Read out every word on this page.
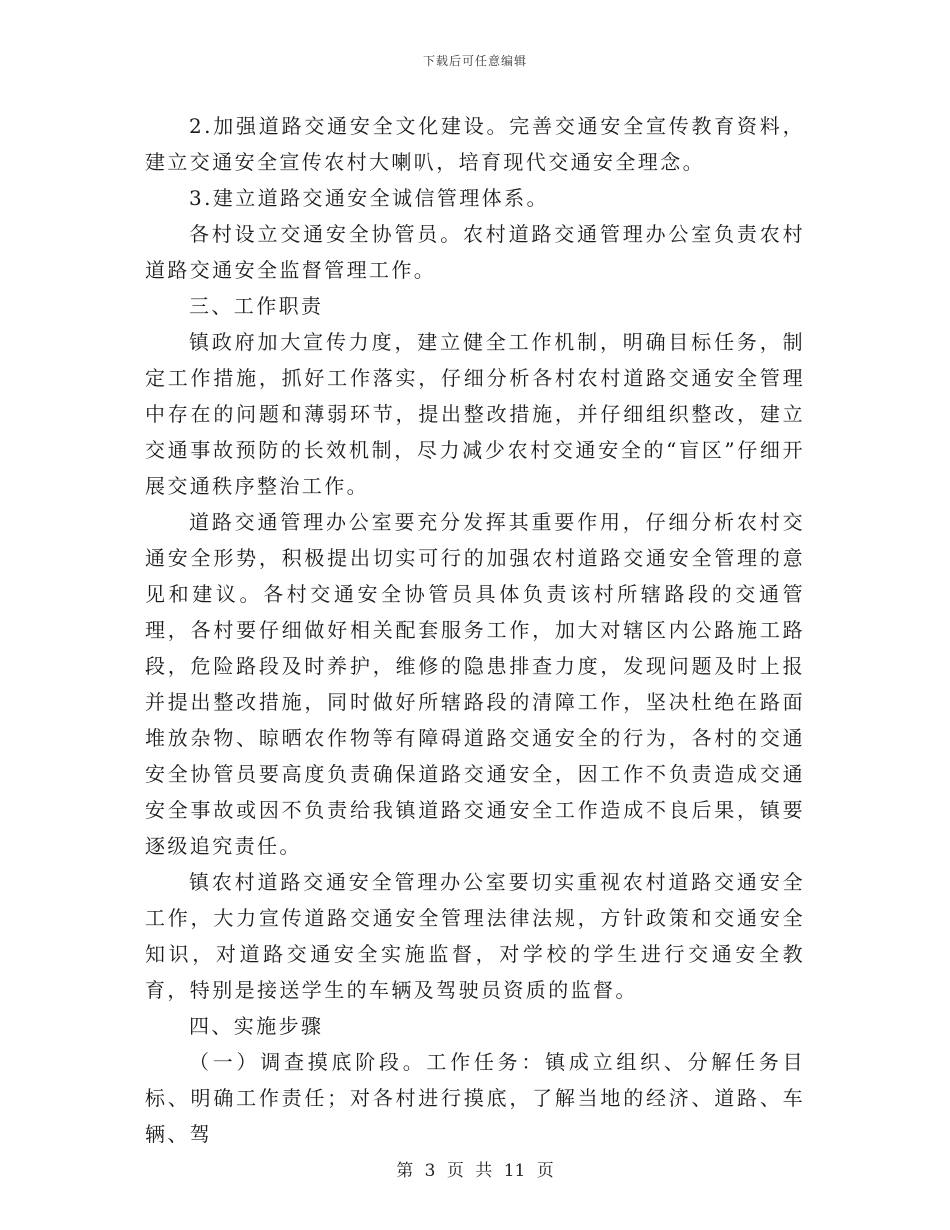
下载后可任意编辑

2.加强道路交通安全文化建设。完善交通安全宣传教育资料，建立交通安全宣传农村大喇叭，培育现代交通安全理念。

3.建立道路交通安全诚信管理体系。

各村设立交通安全协管员。农村道路交通管理办公室负责农村道路交通安全监督管理工作。

三、工作职责

镇政府加大宣传力度，建立健全工作机制，明确目标任务，制定工作措施，抓好工作落实，仔细分析各村农村道路交通安全管理中存在的问题和薄弱环节，提出整改措施，并仔细组织整改，建立交通事故预防的长效机制，尽力减少农村交通安全的“盲区”仔细开展交通秩序整治工作。

道路交通管理办公室要充分发挥其重要作用，仔细分析农村交通安全形势，积极提出切实可行的加强农村道路交通安全管理的意见和建议。各村交通安全协管员具体负责该村所辖路段的交通管理，各村要仔细做好相关配套服务工作，加大对辖区内公路施工路段，危险路段及时养护，维修的隐患排查力度，发现问题及时上报并提出整改措施，同时做好所辖路段的清障工作，坚决杜绝在路面堆放杂物、晾晒农作物等有障碍道路交通安全的行为，各村的交通安全协管员要高度负责确保道路交通安全，因工作不负责造成交通安全事故或因不负责给我镇道路交通安全工作造成不良后果，镇要逐级追究责任。

镇农村道路交通安全管理办公室要切实重视农村道路交通安全工作，大力宣传道路交通安全管理法律法规，方针政策和交通安全知识，对道路交通安全实施监督，对学校的学生进行交通安全教育，特别是接送学生的车辆及驾驶员资质的监督。

四、实施步骤

（一）调查摸底阶段。工作任务：镇成立组织、分解任务目标、明确工作责任；对各村进行摸底，了解当地的经济、道路、车辆、驾

第 3 页 共 11 页
